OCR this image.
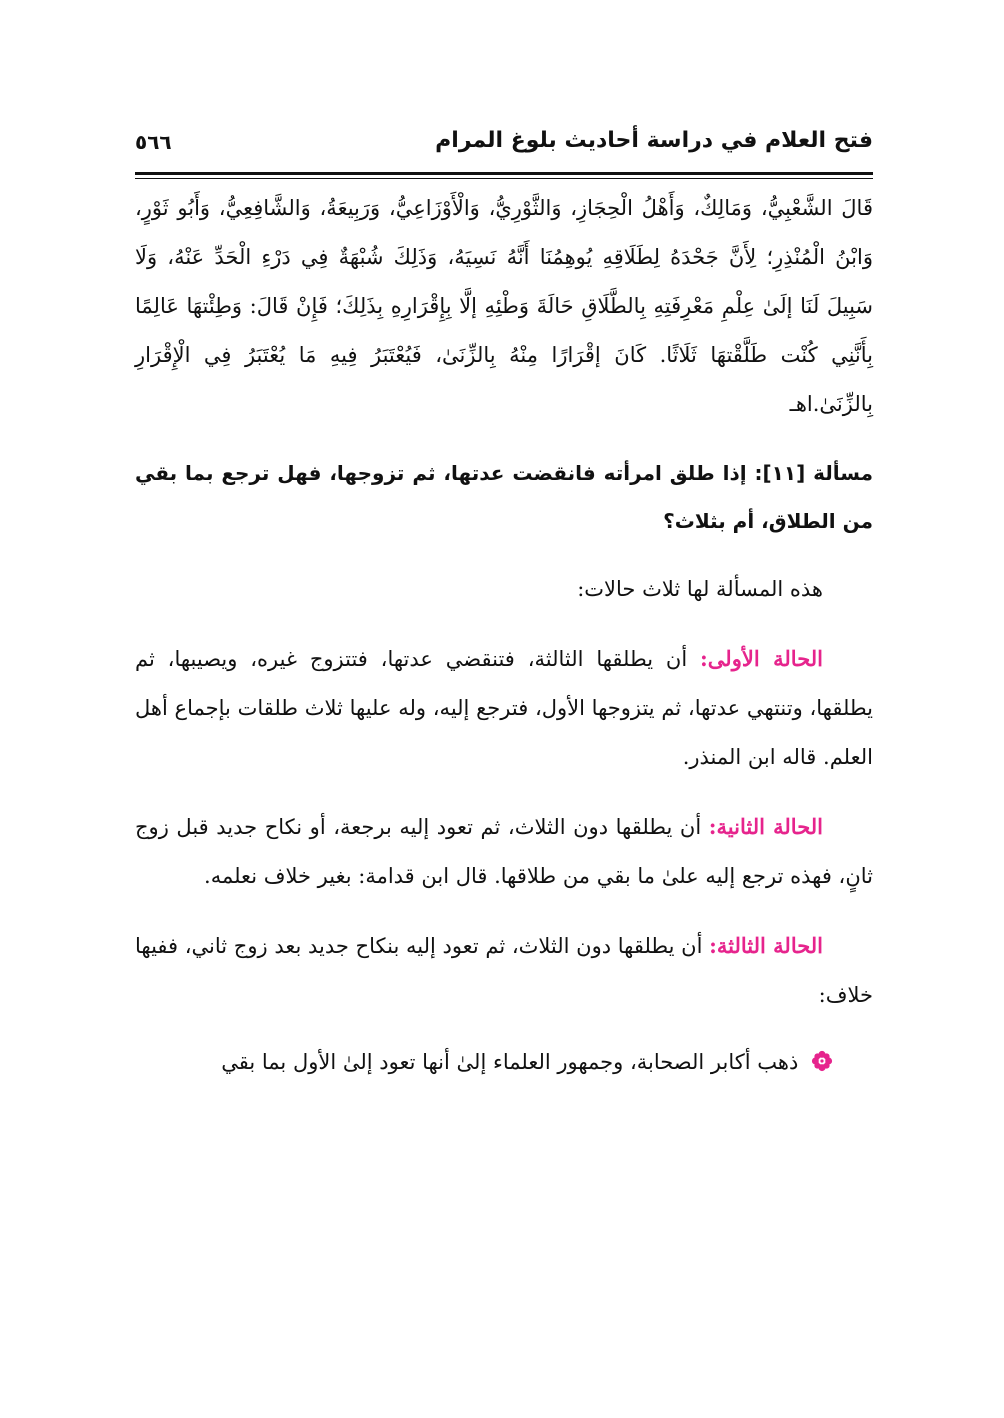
فتح العلام في دراسة أحاديث بلوغ المرام
٥٦٦

قَالَ الشَّعْبِيُّ، وَمَالِكٌ، وَأَهْلُ الْحِجَازِ، وَالثَّوْرِيُّ، وَالْأَوْزَاعِيُّ، وَرَبِيعَةُ، وَالشَّافِعِيُّ، وَأَبُو ثَوْرٍ، وَابْنُ الْمُنْذِرِ؛ لِأَنَّ جَحْدَهُ لِطَلَاقِهِ يُوهِمُنَا أَنَّهُ نَسِيَهُ، وَذَلِكَ شُبْهَةٌ فِي دَرْءِ الْحَدِّ عَنْهُ، وَلَا سَبِيلَ لَنَا إلَىٰ عِلْمِ مَعْرِفَتِهِ بِالطَّلَاقِ حَالَةَ وَطْئِهِ إلَّا بِإِقْرَارِهِ بِذَلِكَ؛ فَإِنْ قَالَ: وَطِئْتهَا عَالِمًا بِأَنَّنِي كُنْت طَلَّقْتهَا ثَلَاثًا. كَانَ إقْرَارًا مِنْهُ بِالزِّنَىٰ، فَيُعْتَبَرُ فِيهِ مَا يُعْتَبَرُ فِي الْإِقْرَارِ بِالزِّنَىٰ.اهـ

مسألة [١١]: إذا طلق امرأته فانقضت عدتها، ثم تزوجها، فهل ترجع بما بقي من الطلاق، أم بثلاث؟

هذه المسألة لها ثلاث حالات:

الحالة الأولى: أن يطلقها الثالثة، فتنقضي عدتها، فتتزوج غيره، ويصيبها، ثم يطلقها، وتنتهي عدتها، ثم يتزوجها الأول، فترجع إليه، وله عليها ثلاث طلقات بإجماع أهل العلم. قاله ابن المنذر.

الحالة الثانية: أن يطلقها دون الثلاث، ثم تعود إليه برجعة، أو نكاح جديد قبل زوج ثانٍ، فهذه ترجع إليه علىٰ ما بقي من طلاقها. قال ابن قدامة: بغير خلاف نعلمه.

الحالة الثالثة: أن يطلقها دون الثلاث، ثم تعود إليه بنكاح جديد بعد زوج ثاني، ففيها خلاف:

ذهب أكابر الصحابة، وجمهور العلماء إلىٰ أنها تعود إلىٰ الأول بما بقي
